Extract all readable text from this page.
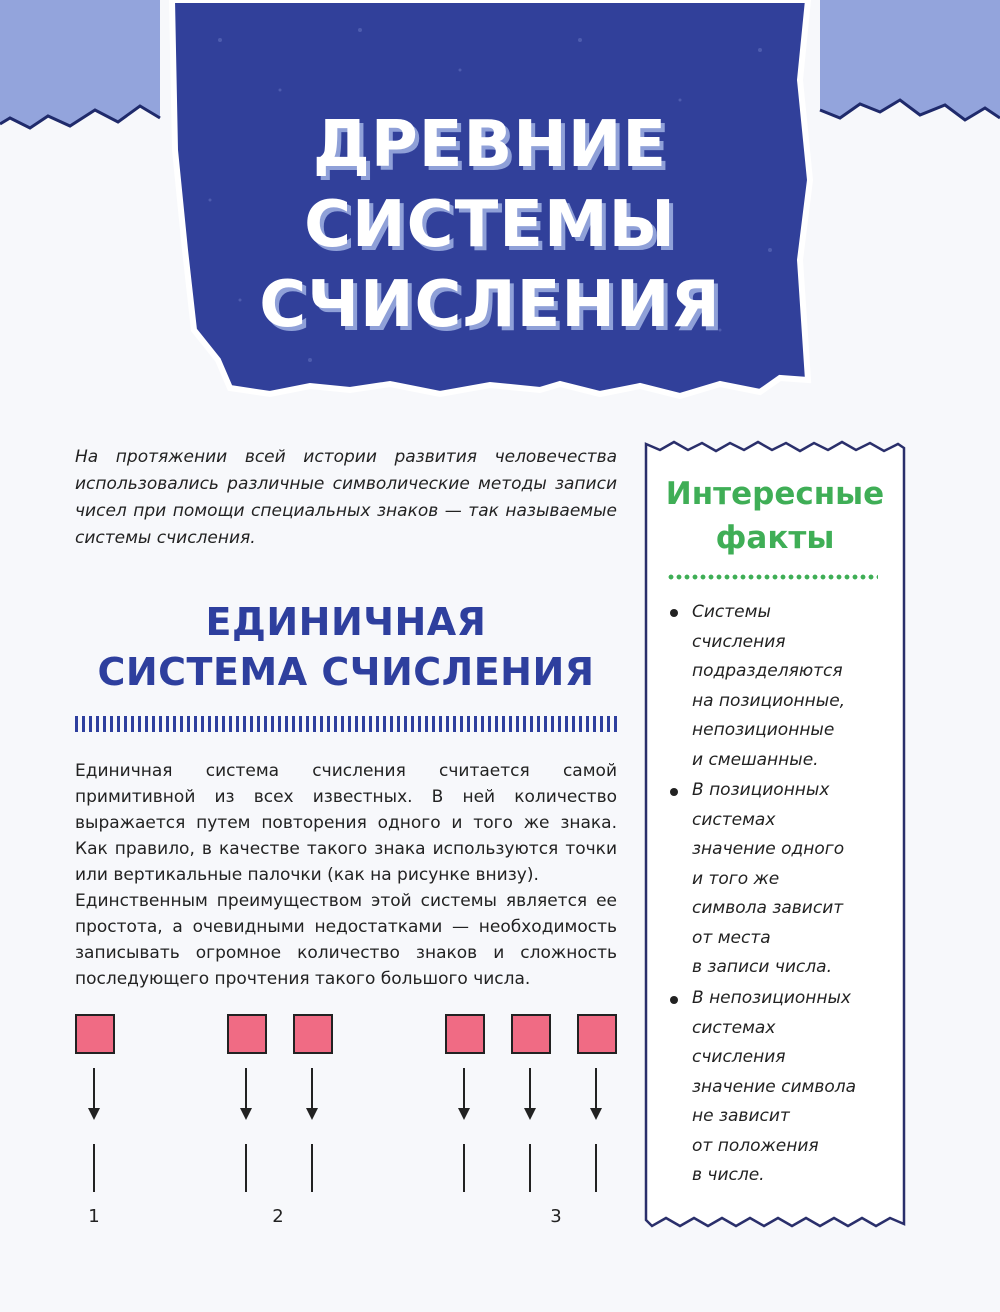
ДРЕВНИЕ
СИСТЕМЫ
СЧИСЛЕНИЯ
На протяжении всей истории развития человечества использовались различные символические методы записи чисел при помощи специальных знаков — так называемые системы счисления.
ЕДИНИЧНАЯ
СИСТЕМА СЧИСЛЕНИЯ

Единичная система счисления считается самой примитивной из всех известных. В ней количество выражается путем повторения одного и того же знака. Как правило, в качестве такого знака используются точки или вертикальные палочки (как на рисунке внизу).

Единственным преимуществом этой системы является ее простота, а очевидными недостатками — необходимость записывать огромное количество знаков и сложность последующего прочтения такого большого числа.

1	2	3
Интересные
факты
Системы
счисления
подразделяются
на позиционные,
непозиционные
и смешанные.
В позиционных
системах
значение одного
и того же
символа зависит
от места
в записи числа.
В непозиционных
системах
счисления
значение символа
не зависит
от положения
в числе.
